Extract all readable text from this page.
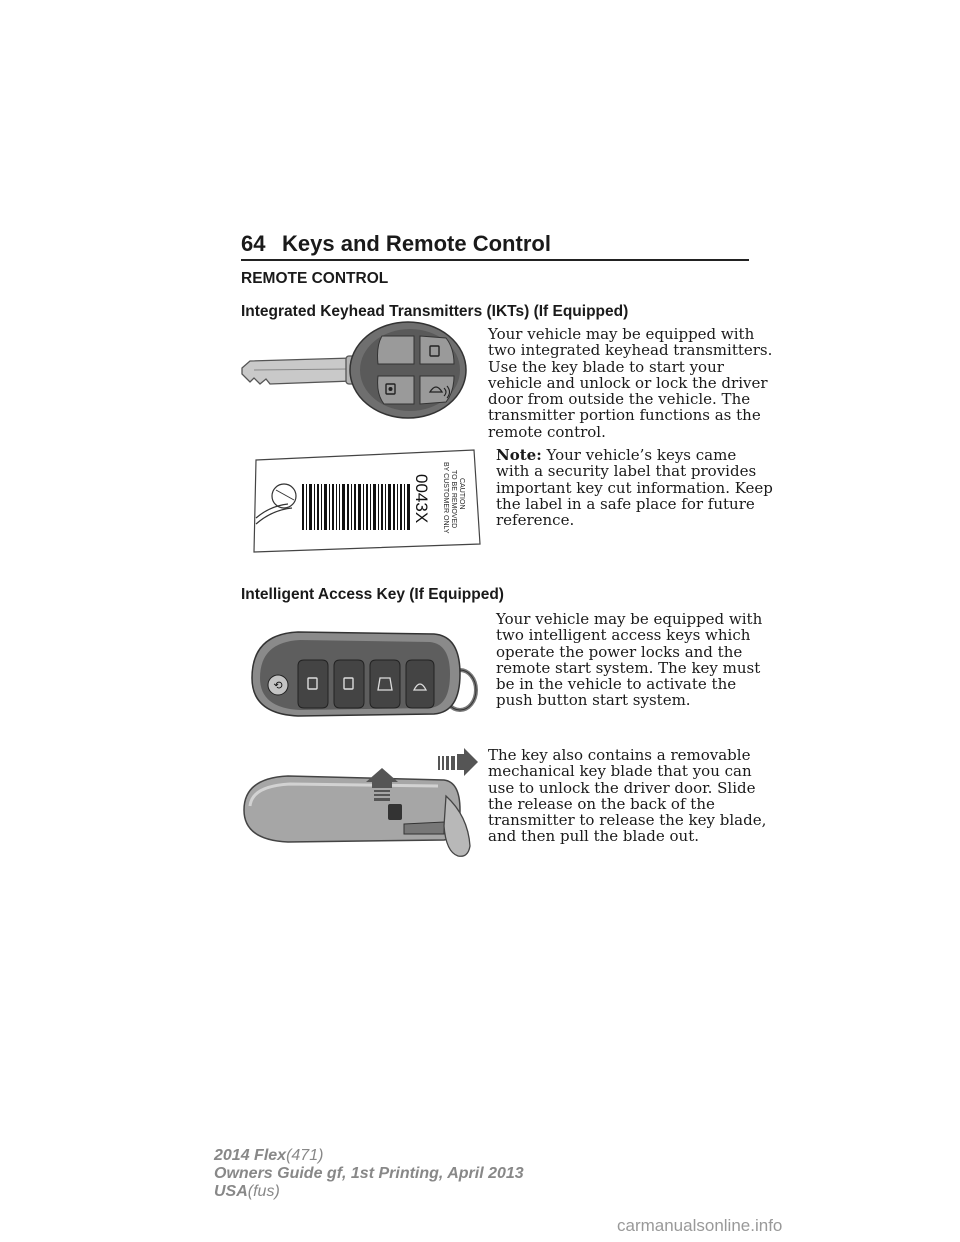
64 Keys and Remote Control
REMOTE CONTROL
Integrated Keyhead Transmitters (IKTs) (If Equipped)
Your vehicle may be equipped with
two integrated keyhead transmitters.
Use the key blade to start your
vehicle and unlock or lock the driver
door from outside the vehicle. The
transmitter portion functions as the
remote control.
Note: Your vehicle’s keys came
with a security label that provides
important key cut information. Keep
the label in a safe place for future
reference.
CAUTION
TO BE REMOVED
BY CUSTOMER ONLY
0043X
Intelligent Access Key (If Equipped)
Your vehicle may be equipped with
two intelligent access keys which
operate the power locks and the
remote start system. The key must
be in the vehicle to activate the
push button start system.
⟲
The key also contains a removable
mechanical key blade that you can
use to unlock the driver door. Slide
the release on the back of the
transmitter to release the key blade,
and then pull the blade out.
2014 Flex(471)
Owners Guide gf, 1st Printing, April 2013
USA(fus)
carmanualsonline.info
